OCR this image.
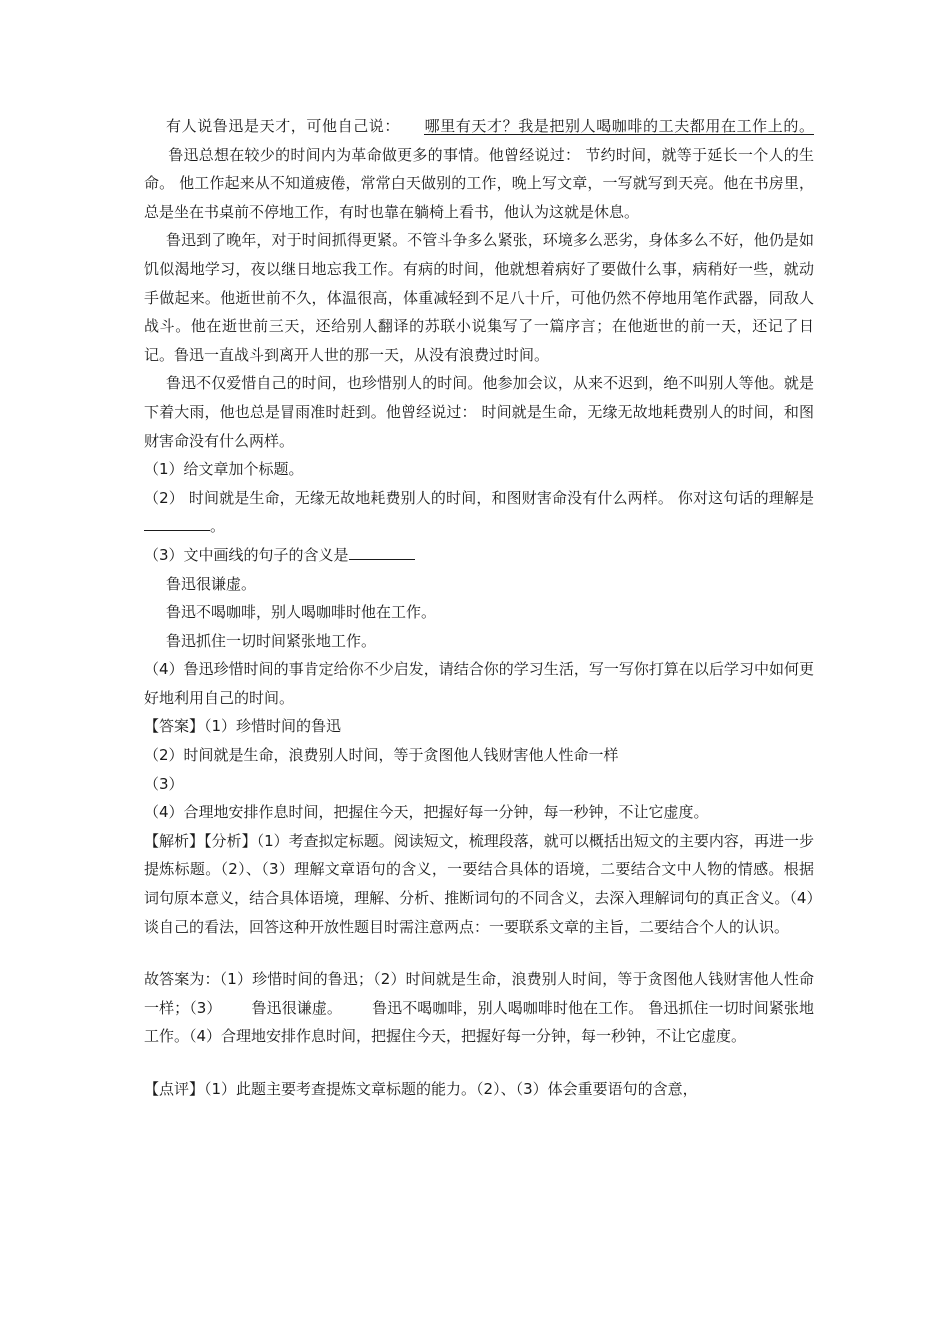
有人说鲁迅是天才，可他自己说： 哪里有天才？我是把别人喝咖啡的工夫都用在工作上的。鲁迅总想在较少的时间内为革命做更多的事情。他曾经说过： 节约时间，就等于延长一个人的生命。 他工作起来从不知道疲倦，常常白天做别的工作，晚上写文章，一写就写到天亮。他在书房里，总是坐在书桌前不停地工作，有时也靠在躺椅上看书，他认为这就是休息。

鲁迅到了晚年，对于时间抓得更紧。不管斗争多么紧张，环境多么恶劣，身体多么不好，他仍是如饥似渴地学习，夜以继日地忘我工作。有病的时间，他就想着病好了要做什么事，病稍好一些，就动手做起来。他逝世前不久，体温很高，体重减轻到不足八十斤，可他仍然不停地用笔作武器，同敌人战斗。他在逝世前三天，还给别人翻译的苏联小说集写了一篇序言；在他逝世的前一天，还记了日记。鲁迅一直战斗到离开人世的那一天，从没有浪费过时间。

鲁迅不仅爱惜自己的时间，也珍惜别人的时间。他参加会议，从来不迟到，绝不叫别人等他。就是下着大雨，他也总是冒雨准时赶到。他曾经说过： 时间就是生命，无缘无故地耗费别人的时间，和图财害命没有什么两样。

（1）给文章加个标题。

（2） 时间就是生命，无缘无故地耗费别人的时间，和图财害命没有什么两样。 你对这句话的理解是。

（3）文中画线的句子的含义是

鲁迅很谦虚。

鲁迅不喝咖啡，别人喝咖啡时他在工作。

鲁迅抓住一切时间紧张地工作。

（4）鲁迅珍惜时间的事肯定给你不少启发，请结合你的学习生活，写一写你打算在以后学习中如何更好地利用自己的时间。

【答案】（1）珍惜时间的鲁迅

（2）时间就是生命，浪费别人时间，等于贪图他人钱财害他人性命一样

（3）

（4）合理地安排作息时间，把握住今天，把握好每一分钟，每一秒钟，不让它虚度。

【解析】【分析】（1）考查拟定标题。阅读短文，梳理段落，就可以概括出短文的主要内容，再进一步提炼标题。（2）、（3）理解文章语句的含义，一要结合具体的语境，二要结合文中人物的情感。根据词句原本意义，结合具体语境，理解、分析、推断词句的不同含义，去深入理解词句的真正含义。（4）谈自己的看法，回答这种开放性题目时需注意两点：一要联系文章的主旨，二要结合个人的认识。

故答案为：（1）珍惜时间的鲁迅；（2）时间就是生命，浪费别人时间，等于贪图他人钱财害他人性命一样；（3） 鲁迅很谦虚。 鲁迅不喝咖啡，别人喝咖啡时他在工作。 鲁迅抓住一切时间紧张地工作。（4）合理地安排作息时间，把握住今天，把握好每一分钟，每一秒钟，不让它虚度。

【点评】（1）此题主要考查提炼文章标题的能力。（2）、（3）体会重要语句的含意，
